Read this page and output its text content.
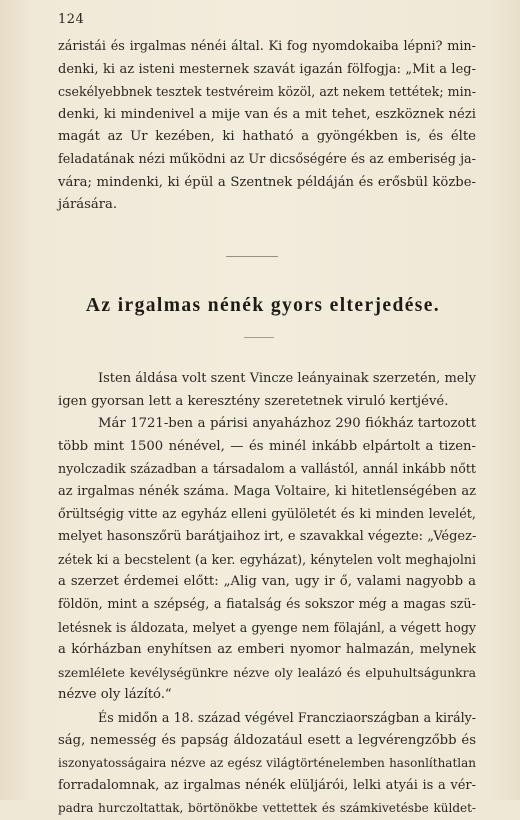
124
záristái és irgalmas nénéi által. Ki fog nyomdokaiba lépni? min-
denki, ki az isteni mesternek szavát igazán fölfogja: „Mit a leg-
csekélyebbnek tesztek testvéreim közöl, azt nekem tettétek; min-
denki, ki mindenivel a mije van és a mit tehet, eszköznek nézi
magát az Ur kezében, ki hatható a gyöngékben is, és élte
feladatának nézi működni az Ur dicsőségére és az emberiség ja-
vára; mindenki, ki épül a Szentnek példáján és erősbül közbe-
járására.
Az irgalmas nénék gyors elterjedése.
Isten áldása volt szent Vincze leányainak szerzetén, mely
igen gyorsan lett a keresztény szeretetnek viruló kertjévé.
Már 1721-ben a párisi anyaházhoz 290 fiókház tartozott
több mint 1500 nénével, — és minél inkább elpártolt a tizen-
nyolczadik században a társadalom a vallástól, annál inkább nőtt
az irgalmas nénék száma. Maga Voltaire, ki hitetlenségében az
őrültségig vitte az egyház elleni gyülöletét és ki minden levelét,
melyet hasonszőrü barátjaihoz irt, e szavakkal végezte: „Végez-
zétek ki a becstelent (a ker. egyházat), kénytelen volt meghajolni
a szerzet érdemei előtt: „Alig van, ugy ir ő, valami nagyobb a
földön, mint a szépség, a fiatalság és sokszor még a magas szü-
letésnek is áldozata, melyet a gyenge nem fölajánl, a végett hogy
a kórházban enyhítsen az emberi nyomor halmazán, melynek
szemlélete kevélységünkre nézve oly lealázó és elpuhultságunkra
nézve oly lázító.“
És midőn a 18. század végével Francziaországban a király-
ság, nemesség és papság áldozatául esett a legvérengzőbb és
iszonyatosságaira nézve az egész világtörténelemben hasonlíthatlan
forradalomnak, az irgalmas nénék elüljárói, lelki atyái is a vér-
padra hurczoltattak, börtönökbe vettettek és számkivetésbe küldet-
